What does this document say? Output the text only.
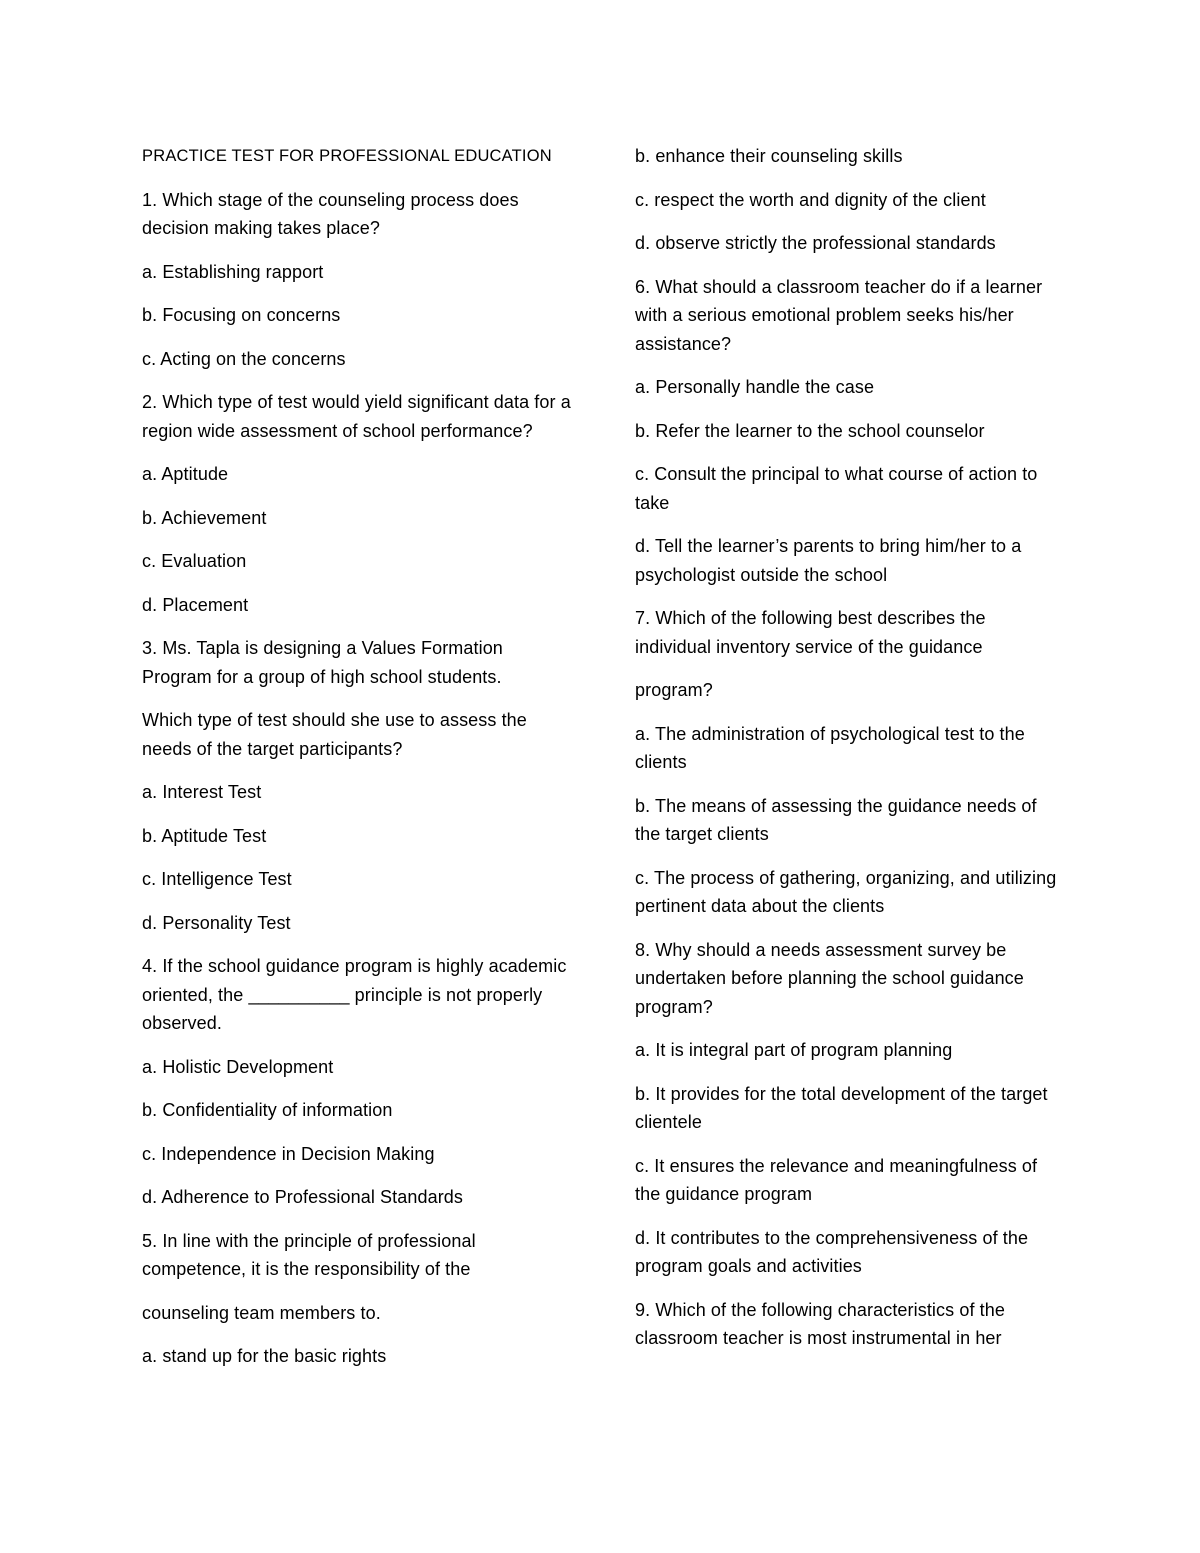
PRACTICE TEST FOR PROFESSIONAL EDUCATION

1. Which stage of the counseling process does decision making takes place?

a. Establishing rapport

b. Focusing on concerns

c. Acting on the concerns

2. Which type of test would yield significant data for a region wide assessment of school performance?

a. Aptitude

b. Achievement

c. Evaluation

d. Placement

3. Ms. Tapla is designing a Values Formation Program for a group of high school students.

Which type of test should she use to assess the needs of the target participants?

a. Interest Test

b. Aptitude Test

c. Intelligence Test

d. Personality Test

4. If the school guidance program is highly academic oriented, the __________ principle is not properly observed.

a. Holistic Development

b. Confidentiality of information

c. Independence in Decision Making

d. Adherence to Professional Standards

5. In line with the principle of professional competence, it is the responsibility of the

counseling team members to.

a. stand up for the basic rights

b. enhance their counseling skills

c. respect the worth and dignity of the client

d. observe strictly the professional standards

6. What should a classroom teacher do if a learner with a serious emotional problem seeks his/her assistance?

a. Personally handle the case

b. Refer the learner to the school counselor

c. Consult the principal to what course of action to take

d. Tell the learner’s parents to bring him/her to a psychologist outside the school

7. Which of the following best describes the individual inventory service of the guidance

program?

a. The administration of psychological test to the clients

b. The means of assessing the guidance needs of the target clients

c. The process of gathering, organizing, and utilizing pertinent data about the clients

8. Why should a needs assessment survey be undertaken before planning the school guidance program?

a. It is integral part of program planning

b. It provides for the total development of the target clientele

c. It ensures the relevance and meaningfulness of the guidance program

d. It contributes to the comprehensiveness of the program goals and activities

9. Which of the following characteristics of the classroom teacher is most instrumental in her
